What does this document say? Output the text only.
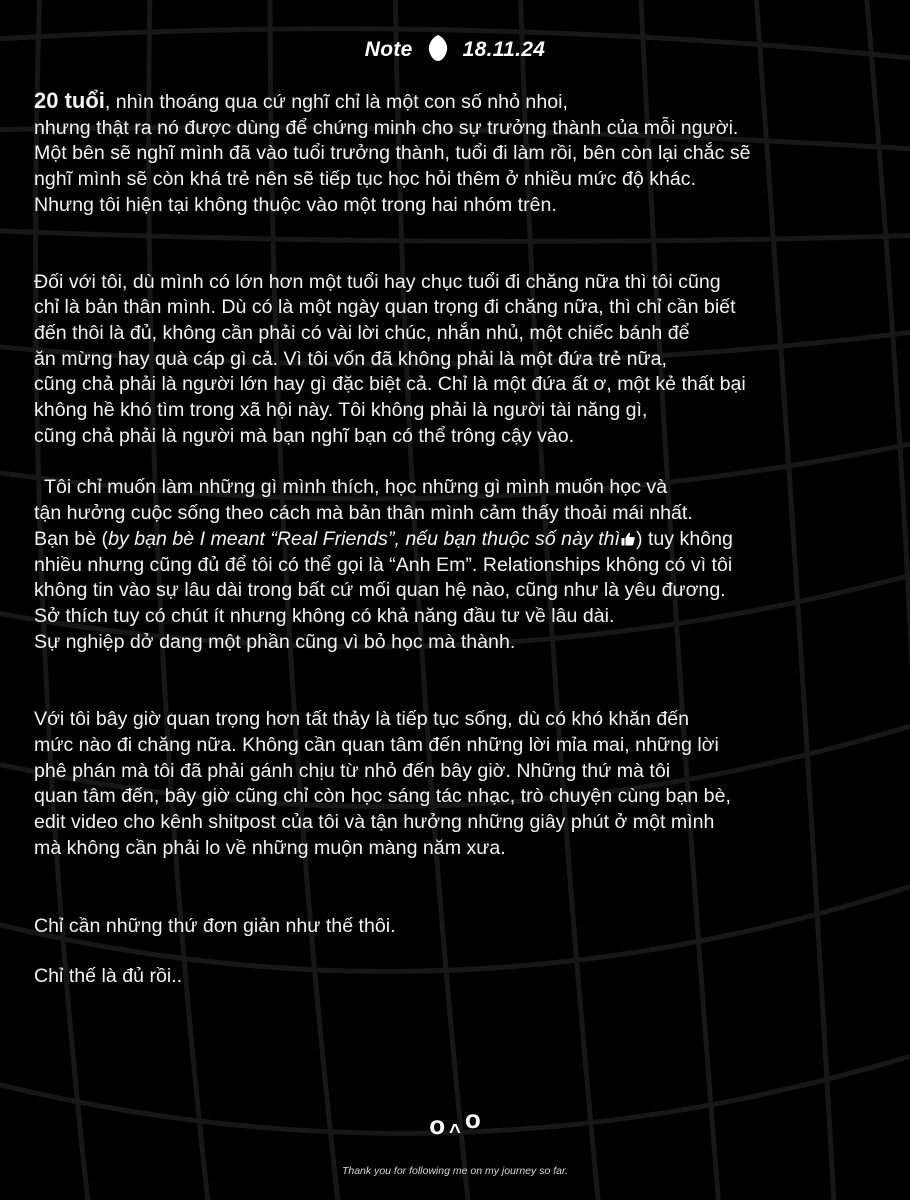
Note 18.11.24
20 tuổi, nhìn thoáng qua cứ nghĩ chỉ là một con số nhỏ nhoi,
nhưng thật ra nó được dùng để chứng minh cho sự trưởng thành của mỗi người.
Một bên sẽ nghĩ mình đã vào tuổi trưởng thành, tuổi đi làm rồi, bên còn lại chắc sẽ
nghĩ mình sẽ còn khá trẻ nên sẽ tiếp tục học hỏi thêm ở nhiều mức độ khác.
Nhưng tôi hiện tại không thuộc vào một trong hai nhóm trên.
Đối với tôi, dù mình có lớn hơn một tuổi hay chục tuổi đi chăng nữa thì tôi cũng
chỉ là bản thân mình. Dù có là một ngày quan trọng đi chăng nữa, thì chỉ cần biết
đến thôi là đủ, không cần phải có vài lời chúc, nhắn nhủ, một chiếc bánh để
ăn mừng hay quà cáp gì cả. Vì tôi vốn đã không phải là một đứa trẻ nữa,
cũng chả phải là người lớn hay gì đặc biệt cả. Chỉ là một đứa ất ơ, một kẻ thất bại
không hề khó tìm trong xã hội này. Tôi không phải là người tài năng gì,
cũng chả phải là người mà bạn nghĩ bạn có thể trông cậy vào.
Tôi chỉ muốn làm những gì mình thích, học những gì mình muốn học và
tận hưởng cuộc sống theo cách mà bản thân mình cảm thấy thoải mái nhất.
Bạn bè (by bạn bè I meant “Real Friends”, nếu bạn thuộc số này thì ) tuy không
nhiều nhưng cũng đủ để tôi có thể gọi là “Anh Em”. Relationships không có vì tôi
không tin vào sự lâu dài trong bất cứ mối quan hệ nào, cũng như là yêu đương.
Sở thích tuy có chút ít nhưng không có khả năng đầu tư về lâu dài.
Sự nghiệp dở dang một phần cũng vì bỏ học mà thành.
Với tôi bây giờ quan trọng hơn tất thảy là tiếp tục sống, dù có khó khăn đến
mức nào đi chăng nữa. Không cần quan tâm đến những lời mỉa mai, những lời
phê phán mà tôi đã phải gánh chịu từ nhỏ đến bây giờ. Những thứ mà tôi
quan tâm đến, bây giờ cũng chỉ còn học sáng tác nhạc, trò chuyện cùng bạn bè,
edit video cho kênh shitpost của tôi và tận hưởng những giây phút ở một mình
mà không cần phải lo về những muộn màng năm xưa.
Chỉ cần những thứ đơn giản như thế thôi.
Chỉ thế là đủ rồi..
o ^ o
Thank you for following me on my journey so far.
